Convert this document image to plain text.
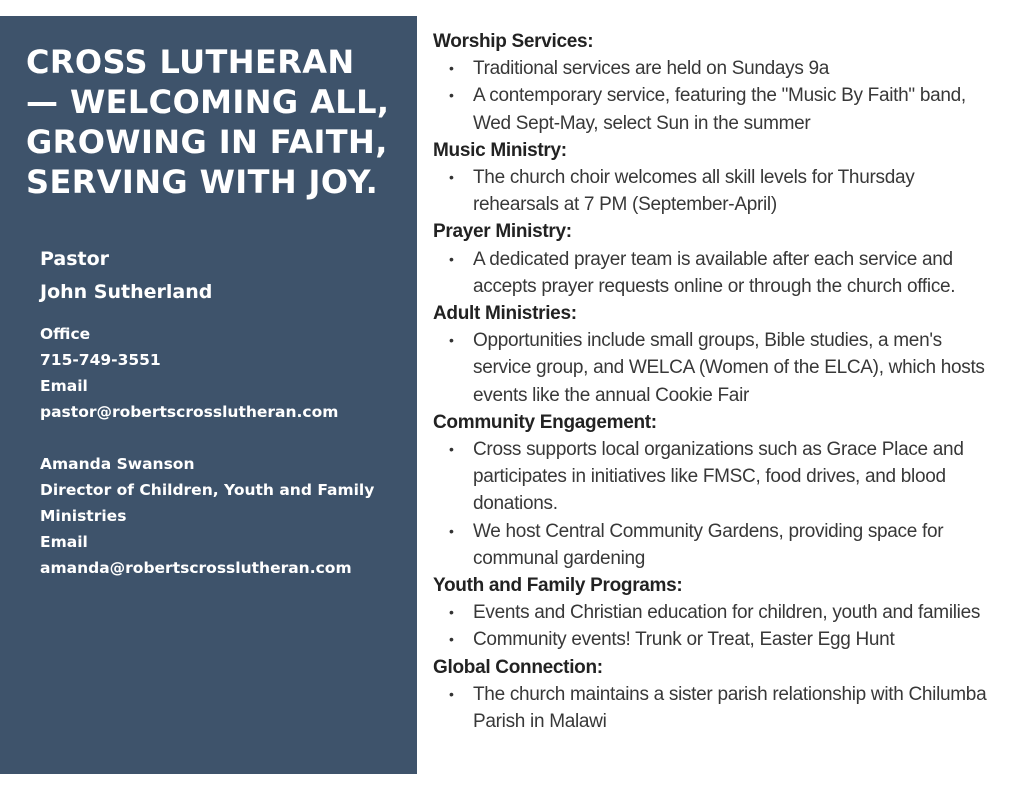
CROSS LUTHERAN
— WELCOMING ALL,
GROWING IN FAITH,
SERVING WITH JOY.
Pastor
John Sutherland
Office
715-749-3551
Email
pastor@robertscrosslutheran.com
Amanda Swanson
Director of Children, Youth and Family
Ministries
Email
amanda@robertscrosslutheran.com
Worship Services:
• Traditional services are held on Sundays 9a
• A contemporary service, featuring the "Music By Faith" band,
Wed Sept-May, select Sun in the summer
Music Ministry:
• The church choir welcomes all skill levels for Thursday
rehearsals at 7 PM (September-April)
Prayer Ministry:
• A dedicated prayer team is available after each service and
accepts prayer requests online or through the church office.
Adult Ministries:
• Opportunities include small groups, Bible studies, a men's
service group, and WELCA (Women of the ELCA), which hosts
events like the annual Cookie Fair
Community Engagement:
• Cross supports local organizations such as Grace Place and
participates in initiatives like FMSC, food drives, and blood
donations.
• We host Central Community Gardens, providing space for
communal gardening
Youth and Family Programs:
• Events and Christian education for children, youth and families
• Community events! Trunk or Treat, Easter Egg Hunt
Global Connection:
• The church maintains a sister parish relationship with Chilumba
Parish in Malawi
